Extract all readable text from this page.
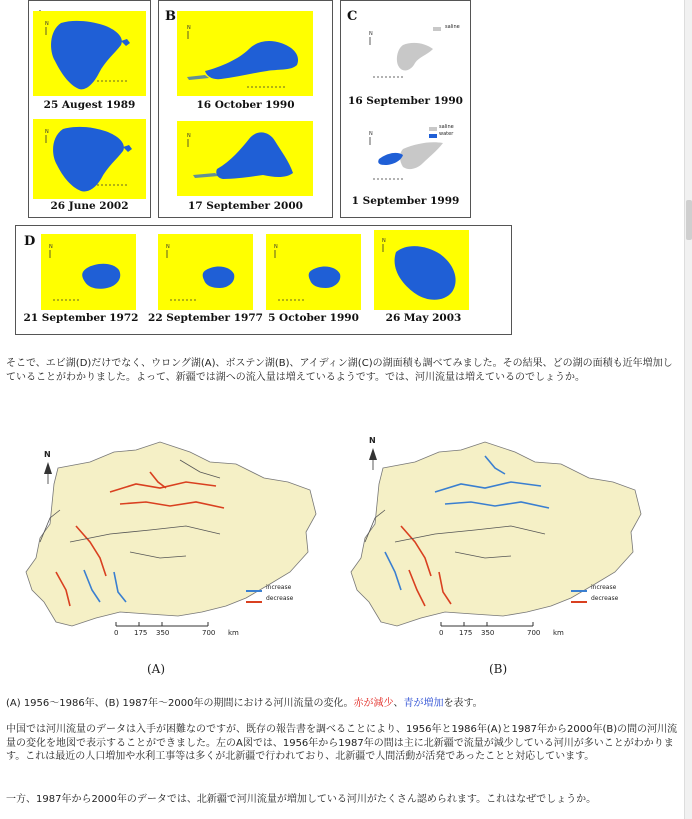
N
25 Augest 1989
N
26 June 2002
B
N
16 October 1990
N
17 September 2000
C
N
saline
16 September 1990
N
saline
water
1 September 1999
D	N
21 September 1972
N
22 September 1977
N
5 October 1990
N
26 May 2003

そこで、エビ湖(D)だけでなく、ウロング湖(A)、ボステン湖(B)、アイディン湖(C)の湖面積も調べてみました。その結果、どの湖の面積も近年増加していることがわかりました。よって、新疆では湖への流入量は増えているようです。では、河川流量は増えているのでしょうか。

N
increase
decrease
0 175 350	700 km
(A)
N
increase
decrease
0 175 350	700 km
(B)

(A) 1956～1986年、(B) 1987年～2000年の期間における河川流量の変化。赤が減少、青が増加を表す。

中国では河川流量のデータは入手が困難なのですが、既存の報告書を調べることにより、1956年と1986年(A)と1987年から2000年(B)の間の河川流量の変化を地図で表示することができました。左のA図では、1956年から1987年の間は主に北新疆で流量が減少している河川が多いことがわかります。これは最近の人口増加や水利工事等は多くが北新疆で行われており、北新疆で人間活動が活発であったことと対応しています。

一方、1987年から2000年のデータでは、北新疆で河川流量が増加している河川がたくさん認められます。これはなぜでしょうか。
